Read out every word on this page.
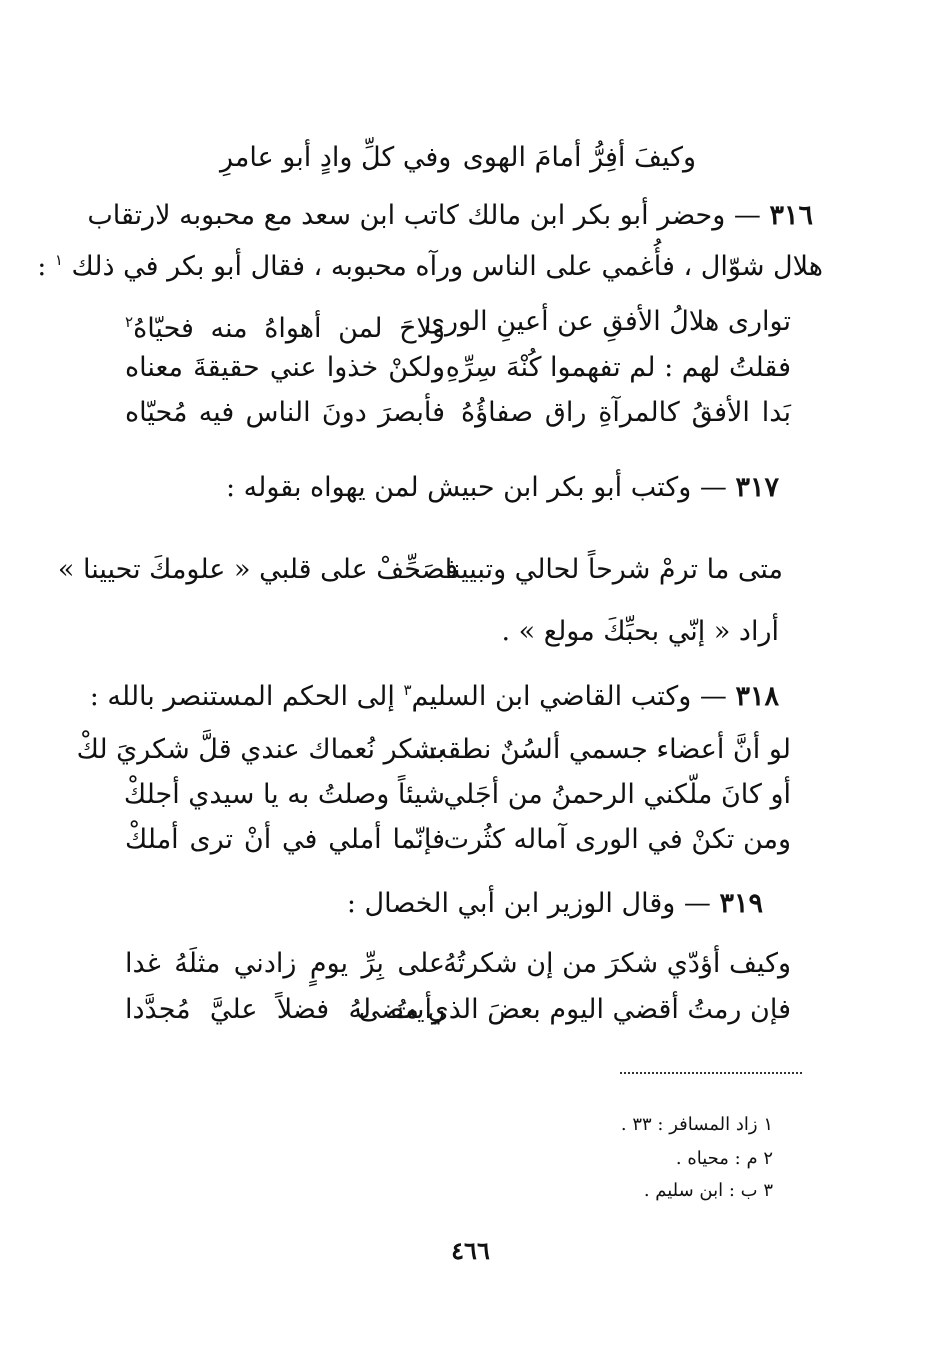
وكيفَ أفِرُّ أمامَ الهوى
وفي كلِّ وادٍ أبو عامرِ
٣١٦ — وحضر أبو بكر ابن مالك كاتب ابن سعد مع محبوبه لارتقاب
هلال شوّال ، فأُغمي على الناس ورآه محبوبه ، فقال أبو بكر في ذلك $^١$ :
توارى هلالُ الأفقِ عن أعينِ الورى
ولاحَ لمن أهواهُ منه فحيّاهُ$^٢$
فقلتُ لهم : لم تفهموا كُنْهَ سِرِّهِ
ولكنْ خذوا عني حقيقةَ معناه
بَدا الأفقُ كالمرآةِ راق صفاؤُهُ
فأبصرَ دونَ الناس فيه مُحيّاه
٣١٧ — وكتب أبو بكر ابن حبيش لمن يهواه بقوله :
متى ما ترمْ شرحاً لحالي وتبيينا
فصَحِّفْ على قلبي « علومكَ تحيينا »
أراد « إنّي بحبِّكَ مولع » .
٣١٨ — وكتب القاضي ابن السليم$^٣$ إلى الحكم المستنصر بالله :
لو أنَّ أعضاء جسمي ألسُنٌ نطقت
بشكر نُعماك عندي قلَّ شكريَ لكْ
أو كانَ ملّكني الرحمنُ من أجَلي
شيئاً وصلتُ به يا سيدي أجلكْ
ومن تكنْ في الورى آماله كثُرت
فإنّما أملي في أنْ ترى أملكْ
٣١٩ — وقال الوزير ابن أبي الخصال :
وكيف أؤدّي شكرَ من إن شكرتُهُ
على بِرِّ يومٍ زادني مثلَهُ غدا
فإن رمتُ أقضي اليوم بعضَ الذي مضى
رأيتُ لهُ فضلاً عليَّ مُجدَّدا
١ زاد المسافر : ٣٣ .
٢ م : محياه .
٣ ب : ابن سليم .
٤٦٦
